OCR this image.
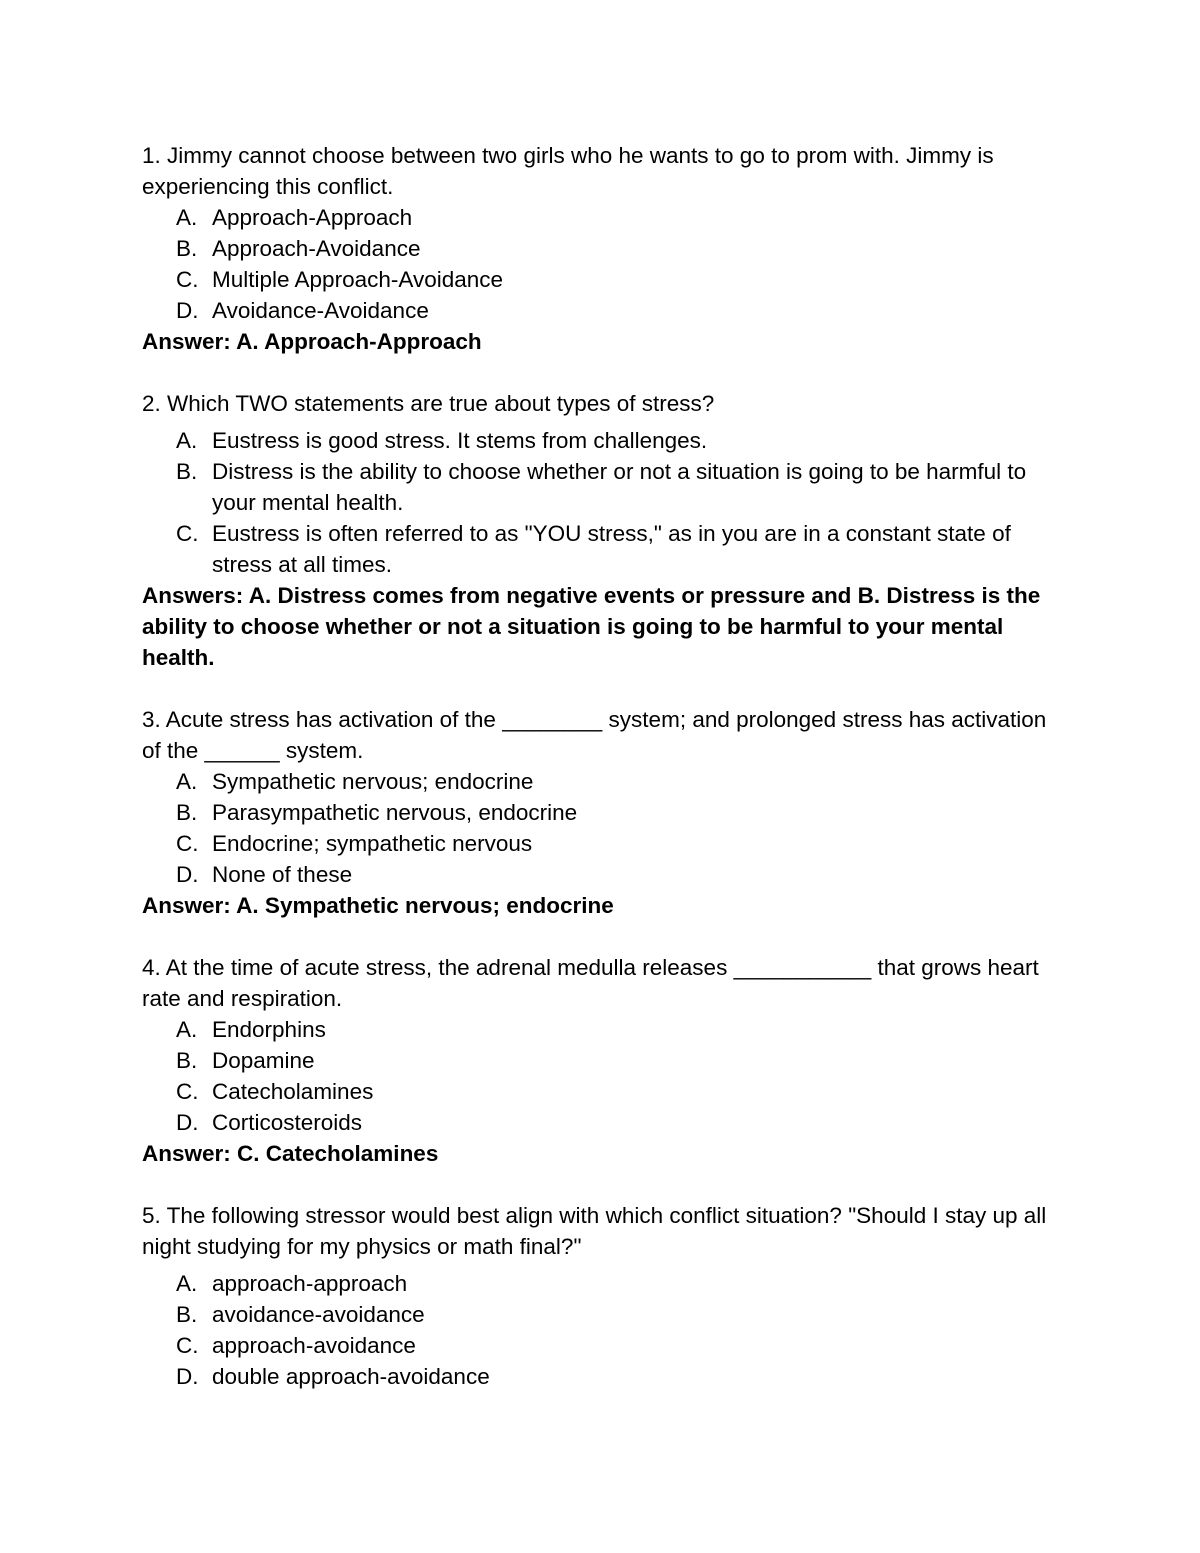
1. Jimmy cannot choose between two girls who he wants to go to prom with. Jimmy is experiencing this conflict.

A. Approach-Approach
B. Approach-Avoidance
C. Multiple Approach-Avoidance
D. Avoidance-Avoidance

Answer: A. Approach-Approach

2. Which TWO statements are true about types of stress?

A. Eustress is good stress. It stems from challenges.
B. Distress is the ability to choose whether or not a situation is going to be harmful to your mental health.
C. Eustress is often referred to as "YOU stress," as in you are in a constant state of stress at all times.

Answers: A. Distress comes from negative events or pressure and B. Distress is the ability to choose whether or not a situation is going to be harmful to your mental health.

3. Acute stress has activation of the ________ system; and prolonged stress has activation of the ______ system.

A. Sympathetic nervous; endocrine
B. Parasympathetic nervous, endocrine
C. Endocrine; sympathetic nervous
D. None of these

Answer: A. Sympathetic nervous; endocrine

4. At the time of acute stress, the adrenal medulla releases ___________ that grows heart rate and respiration.

A. Endorphins
B. Dopamine
C. Catecholamines
D. Corticosteroids

Answer: C. Catecholamines

5. The following stressor would best align with which conflict situation? "Should I stay up all night studying for my physics or math final?"

A. approach-approach
B. avoidance-avoidance
C. approach-avoidance
D. double approach-avoidance
